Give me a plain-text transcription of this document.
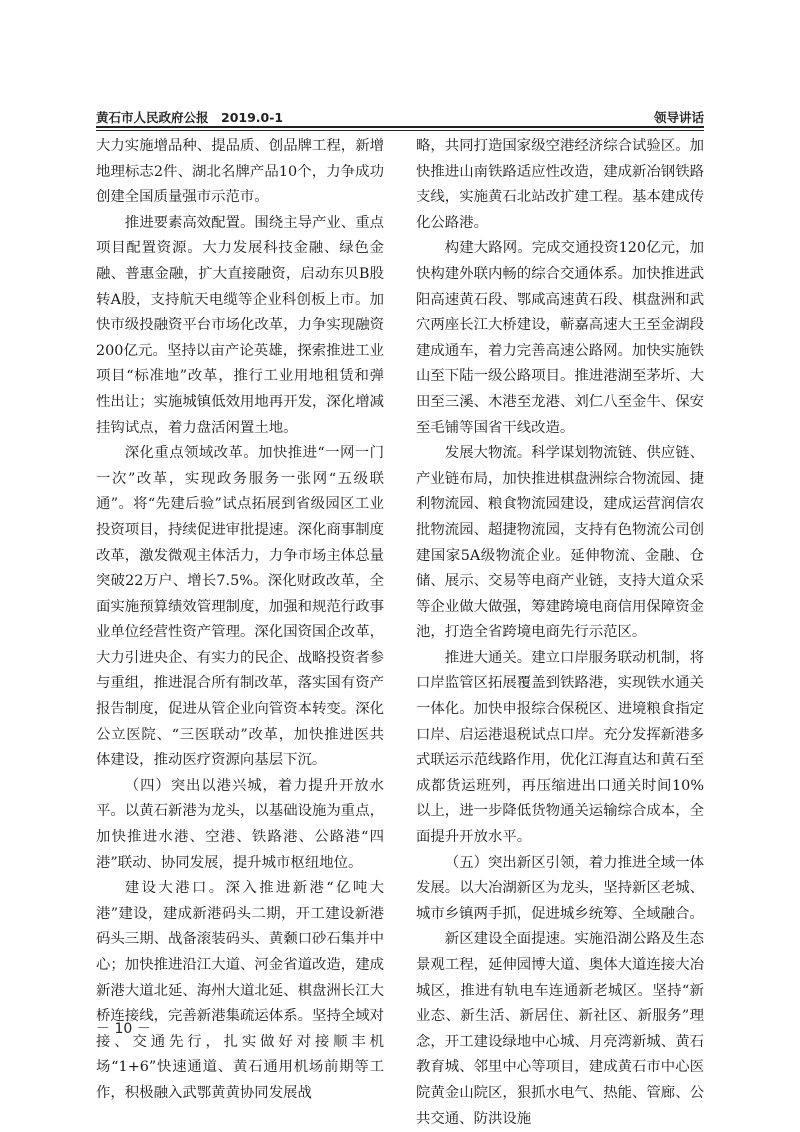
黄石市人民政府公报　2019.0-1	领导讲话

大力实施增品种、提品质、创品牌工程，新增地理标志2件、湖北名牌产品10个，力争成功创建全国质量强市示范市。

推进要素高效配置。围绕主导产业、重点项目配置资源。大力发展科技金融、绿色金融、普惠金融，扩大直接融资，启动东贝B股转A股，支持航天电缆等企业科创板上市。加快市级投融资平台市场化改革，力争实现融资200亿元。坚持以亩产论英雄，探索推进工业项目“标准地”改革，推行工业用地租赁和弹性出让；实施城镇低效用地再开发，深化增减挂钩试点，着力盘活闲置土地。

深化重点领域改革。加快推进“一网一门一次”改革，实现政务服务一张网“五级联通”。将“先建后验”试点拓展到省级园区工业投资项目，持续促进审批提速。深化商事制度改革，激发微观主体活力，力争市场主体总量突破22万户、增长7.5%。深化财政改革，全面实施预算绩效管理制度，加强和规范行政事业单位经营性资产管理。深化国资国企改革，大力引进央企、有实力的民企、战略投资者参与重组，推进混合所有制改革，落实国有资产报告制度，促进从管企业向管资本转变。深化公立医院、“三医联动”改革，加快推进医共体建设，推动医疗资源向基层下沉。

（四）突出以港兴城，着力提升开放水平。以黄石新港为龙头，以基础设施为重点，加快推进水港、空港、铁路港、公路港“四港”联动、协同发展，提升城市枢纽地位。

建设大港口。深入推进新港“亿吨大港”建设，建成新港码头二期，开工建设新港码头三期、战备滚装码头、黄颡口砂石集并中心；加快推进沿江大道、河金省道改造，建成新港大道北延、海州大道北延、棋盘洲长江大桥连接线，完善新港集疏运体系。坚持全域对接、交通先行，扎实做好对接顺丰机场“1+6”快速通道、黄石通用机场前期等工作，积极融入武鄂黄黄协同发展战

略，共同打造国家级空港经济综合试验区。加快推进山南铁路适应性改造，建成新冶钢铁路支线，实施黄石北站改扩建工程。基本建成传化公路港。

构建大路网。完成交通投资120亿元，加快构建外联内畅的综合交通体系。加快推进武阳高速黄石段、鄂咸高速黄石段、棋盘洲和武穴两座长江大桥建设，蕲嘉高速大王至金湖段建成通车，着力完善高速公路网。加快实施铁山至下陆一级公路项目。推进港湖至茅圻、大田至三溪、木港至龙港、刘仁八至金牛、保安至毛铺等国省干线改造。

发展大物流。科学谋划物流链、供应链、产业链布局，加快推进棋盘洲综合物流园、捷利物流园、粮食物流园建设，建成运营润信农批物流园、超捷物流园，支持有色物流公司创建国家5A级物流企业。延伸物流、金融、仓储、展示、交易等电商产业链，支持大道众采等企业做大做强，筹建跨境电商信用保障资金池，打造全省跨境电商先行示范区。

推进大通关。建立口岸服务联动机制，将口岸监管区拓展覆盖到铁路港，实现铁水通关一体化。加快申报综合保税区、进境粮食指定口岸、启运港退税试点口岸。充分发挥新港多式联运示范线路作用，优化江海直达和黄石至成都货运班列，再压缩进出口通关时间10%以上，进一步降低货物通关运输综合成本，全面提升开放水平。

（五）突出新区引领，着力推进全域一体发展。以大冶湖新区为龙头，坚持新区老城、城市乡镇两手抓，促进城乡统筹、全域融合。

新区建设全面提速。实施沿湖公路及生态景观工程，延伸园博大道、奥体大道连接大冶城区，推进有轨电车连通新老城区。坚持“新业态、新生活、新居住、新社区、新服务”理念，开工建设绿地中心城、月亮湾新城、黄石教育城、邻里中心等项目，建成黄石市中心医院黄金山院区，狠抓水电气、热能、管廊、公共交通、防洪设施

－ 10 －
